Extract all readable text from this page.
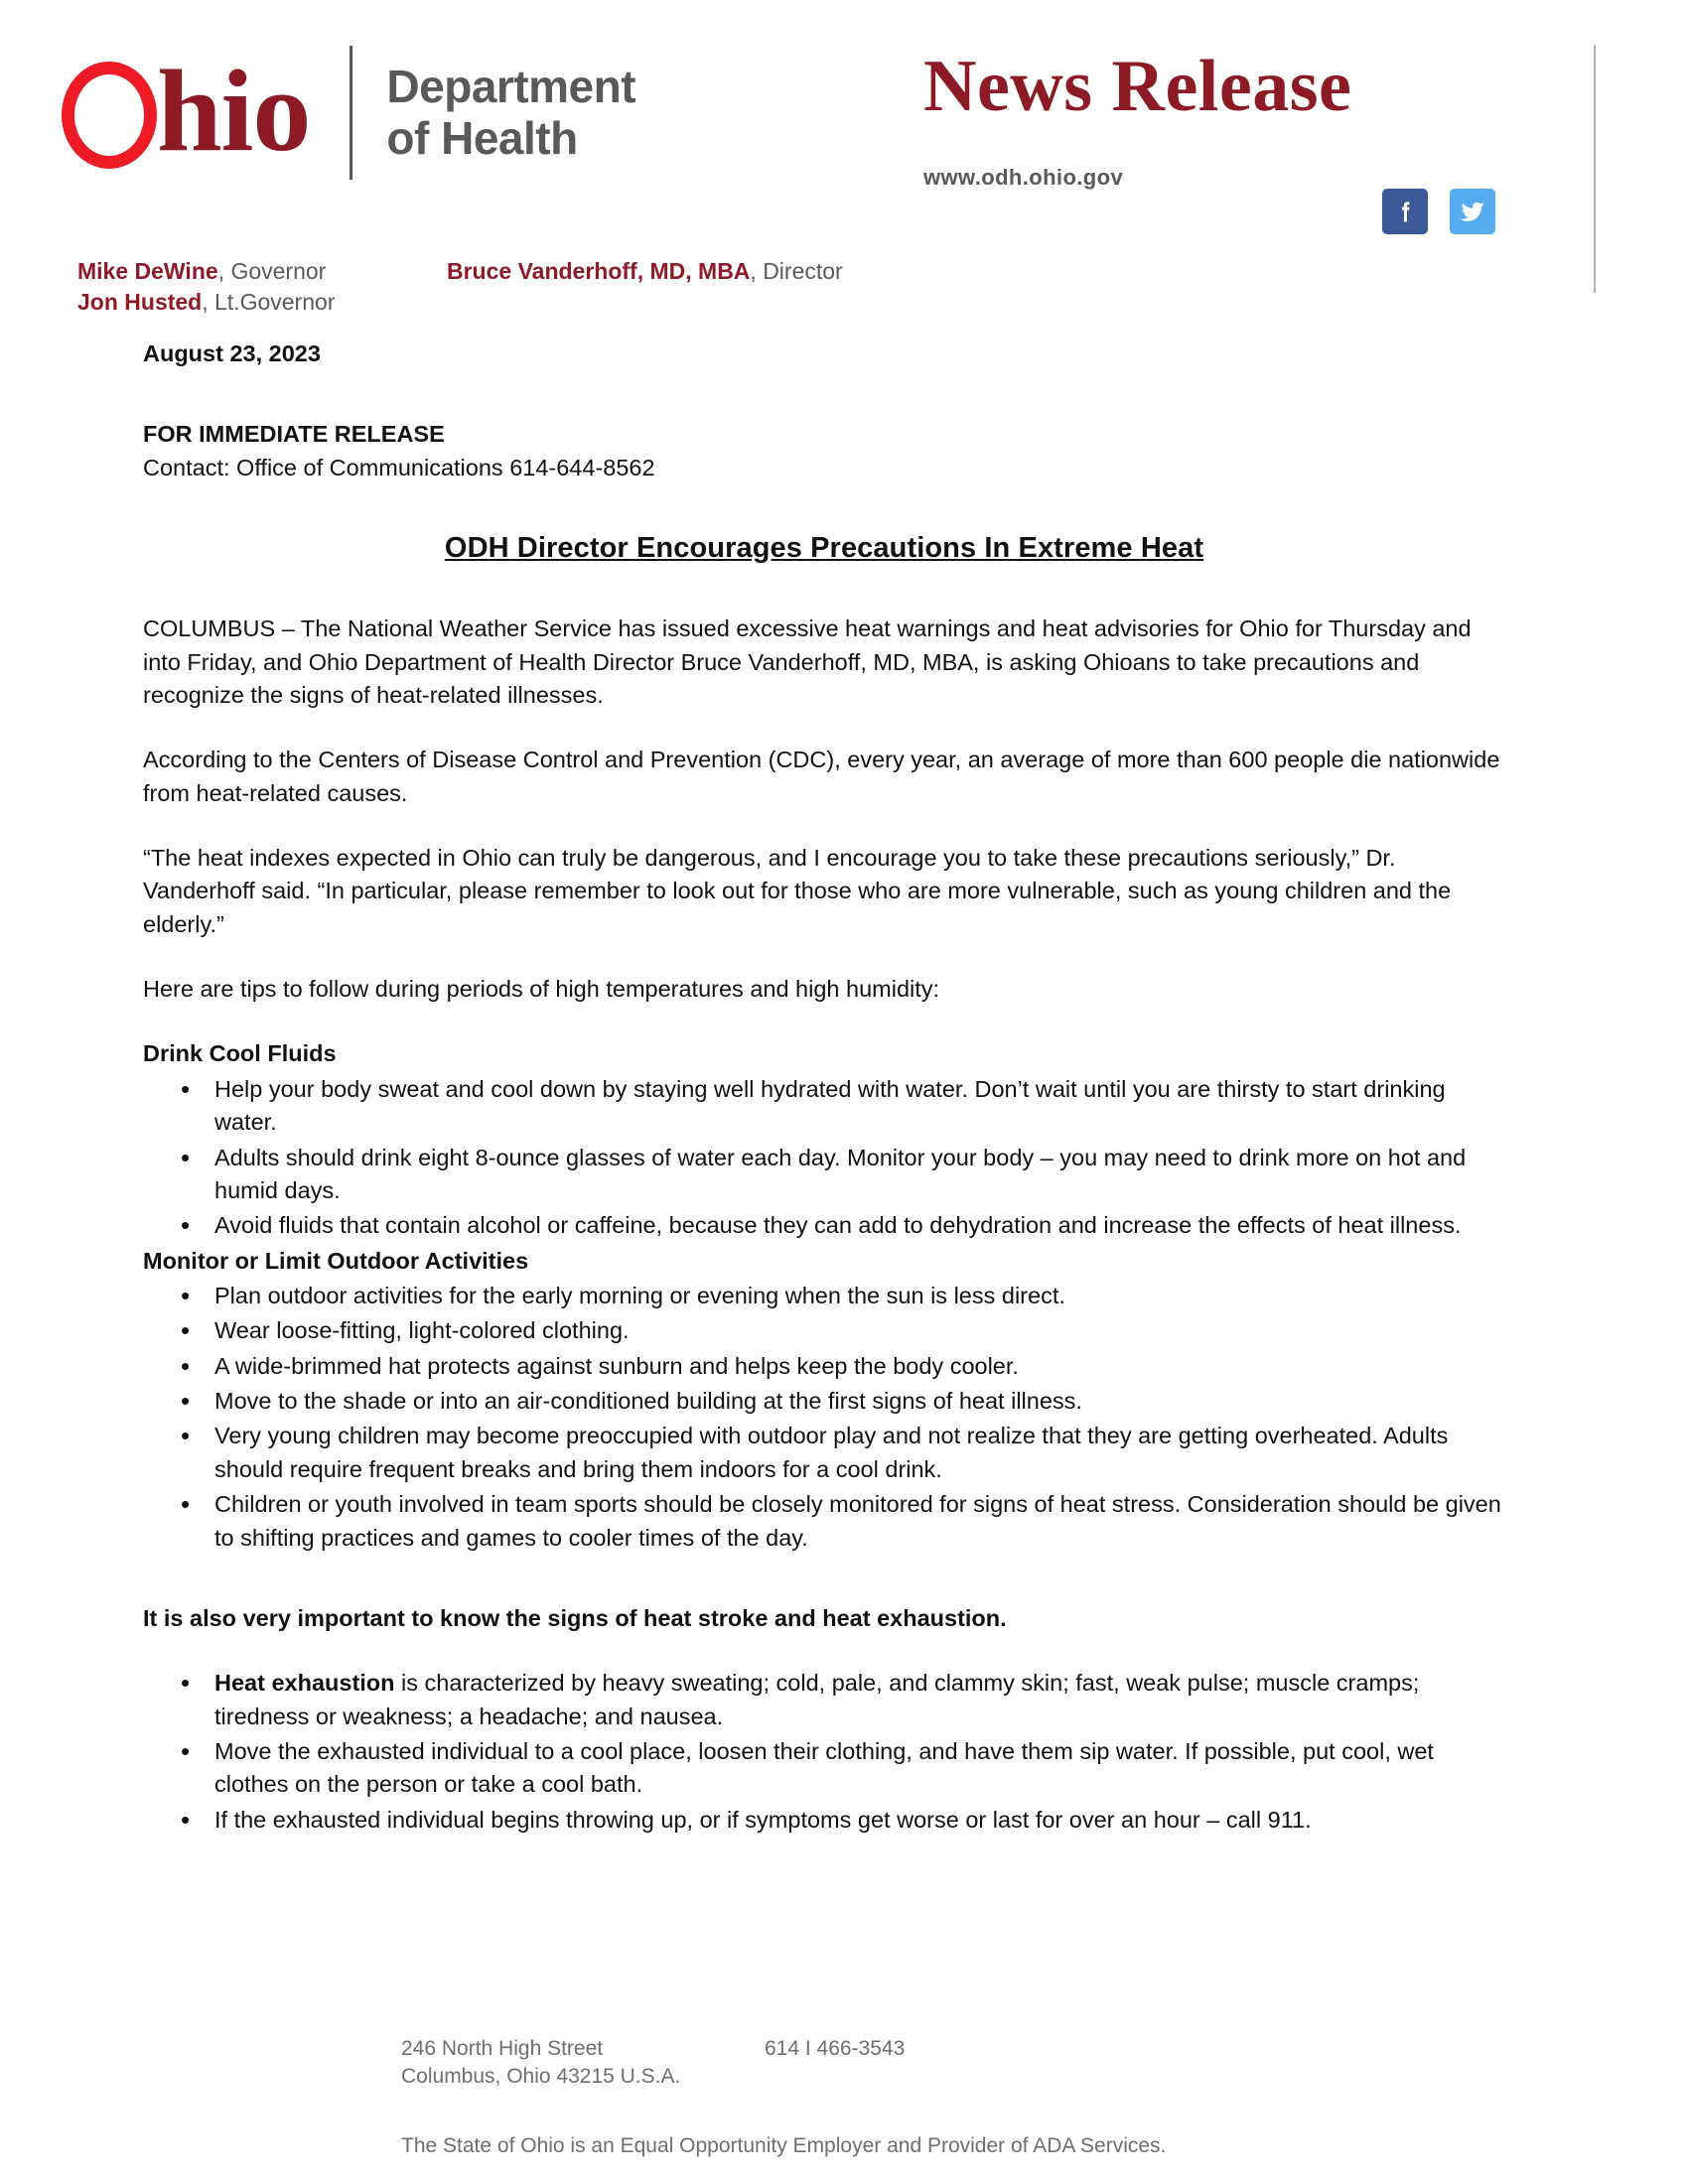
hio Department
of Health
News Release
www.odh.ohio.gov
Mike DeWine, Governor
Jon Husted, Lt.Governor
Bruce Vanderhoff, MD, MBA, Director
August 23, 2023
FOR IMMEDIATE RELEASE
Contact: Office of Communications 614-644-8562
ODH Director Encourages Precautions In Extreme Heat

COLUMBUS – The National Weather Service has issued excessive heat warnings and heat advisories for Ohio for Thursday and into Friday, and Ohio Department of Health Director Bruce Vanderhoff, MD, MBA, is asking Ohioans to take precautions and recognize the signs of heat-related illnesses.

According to the Centers of Disease Control and Prevention (CDC), every year, an average of more than 600 people die nationwide from heat-related causes.

“The heat indexes expected in Ohio can truly be dangerous, and I encourage you to take these precautions seriously,” Dr. Vanderhoff said. “In particular, please remember to look out for those who are more vulnerable, such as young children and the elderly.”

Here are tips to follow during periods of high temperatures and high humidity:

Drink Cool Fluids
• Help your body sweat and cool down by staying well hydrated with water. Don’t wait until you are thirsty to start drinking water.
• Adults should drink eight 8-ounce glasses of water each day. Monitor your body – you may need to drink more on hot and humid days.
• Avoid fluids that contain alcohol or caffeine, because they can add to dehydration and increase the effects of heat illness.
Monitor or Limit Outdoor Activities
• Plan outdoor activities for the early morning or evening when the sun is less direct.
• Wear loose-fitting, light-colored clothing.
• A wide-brimmed hat protects against sunburn and helps keep the body cooler.
• Move to the shade or into an air-conditioned building at the first signs of heat illness.
• Very young children may become preoccupied with outdoor play and not realize that they are getting overheated. Adults should require frequent breaks and bring them indoors for a cool drink.
• Children or youth involved in team sports should be closely monitored for signs of heat stress. Consideration should be given to shifting practices and games to cooler times of the day.
It is also very important to know the signs of heat stroke and heat exhaustion.
• Heat exhaustion is characterized by heavy sweating; cold, pale, and clammy skin; fast, weak pulse; muscle cramps; tiredness or weakness; a headache; and nausea.
• Move the exhausted individual to a cool place, loosen their clothing, and have them sip water. If possible, put cool, wet clothes on the person or take a cool bath.
• If the exhausted individual begins throwing up, or if symptoms get worse or last for over an hour – call 911.
246 North High Street
Columbus, Ohio 43215 U.S.A.
614 I 466-3543
The State of Ohio is an Equal Opportunity Employer and Provider of ADA Services.
